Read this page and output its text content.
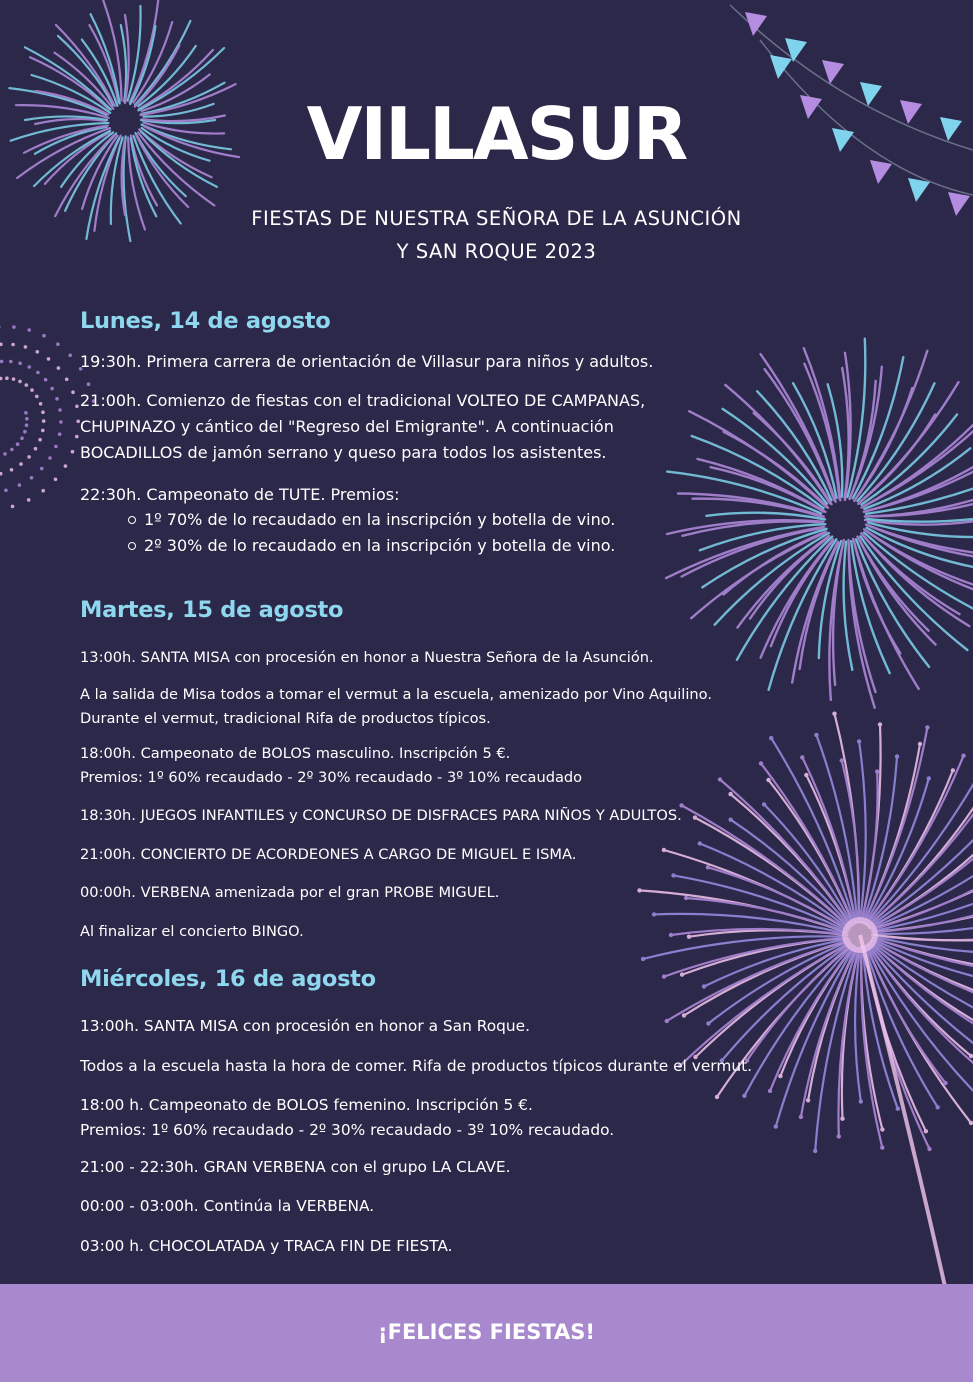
VILLASUR
FIESTAS DE NUESTRA SEÑORA DE LA ASUNCIÓN
Y SAN ROQUE 2023
Lunes, 14 de agosto
19:30h. Primera carrera de orientación de Villasur para niños y adultos.
21:00h. Comienzo de fiestas con el tradicional VOLTEO DE CAMPANAS,
CHUPINAZO y cántico del "Regreso del Emigrante". A continuación
BOCADILLOS de jamón serrano y queso para todos los asistentes.
22:30h. Campeonato de TUTE. Premios:
1º 70% de lo recaudado en la inscripción y botella de vino.
2º 30% de lo recaudado en la inscripción y botella de vino.
Martes, 15 de agosto
13:00h. SANTA MISA con procesión en honor a Nuestra Señora de la Asunción.
A la salida de Misa todos a tomar el vermut a la escuela, amenizado por Vino Aquilino.
Durante el vermut, tradicional Rifa de productos típicos.
18:00h. Campeonato de BOLOS masculino. Inscripción 5 €.
Premios: 1º 60% recaudado - 2º 30% recaudado - 3º 10% recaudado
18:30h. JUEGOS INFANTILES y CONCURSO DE DISFRACES PARA NIÑOS Y ADULTOS.
21:00h. CONCIERTO DE ACORDEONES A CARGO DE MIGUEL E ISMA.
00:00h. VERBENA amenizada por el gran PROBE MIGUEL.
Al finalizar el concierto BINGO.
Miércoles, 16 de agosto
13:00h. SANTA MISA con procesión en honor a San Roque.
Todos a la escuela hasta la hora de comer. Rifa de productos típicos durante el vermut.
18:00 h. Campeonato de BOLOS femenino. Inscripción 5 €.
Premios: 1º 60% recaudado - 2º 30% recaudado - 3º 10% recaudado.
21:00 - 22:30h. GRAN VERBENA con el grupo LA CLAVE.
00:00 - 03:00h. Continúa la VERBENA.
03:00 h. CHOCOLATADA y TRACA FIN DE FIESTA.
¡FELICES FIESTAS!
